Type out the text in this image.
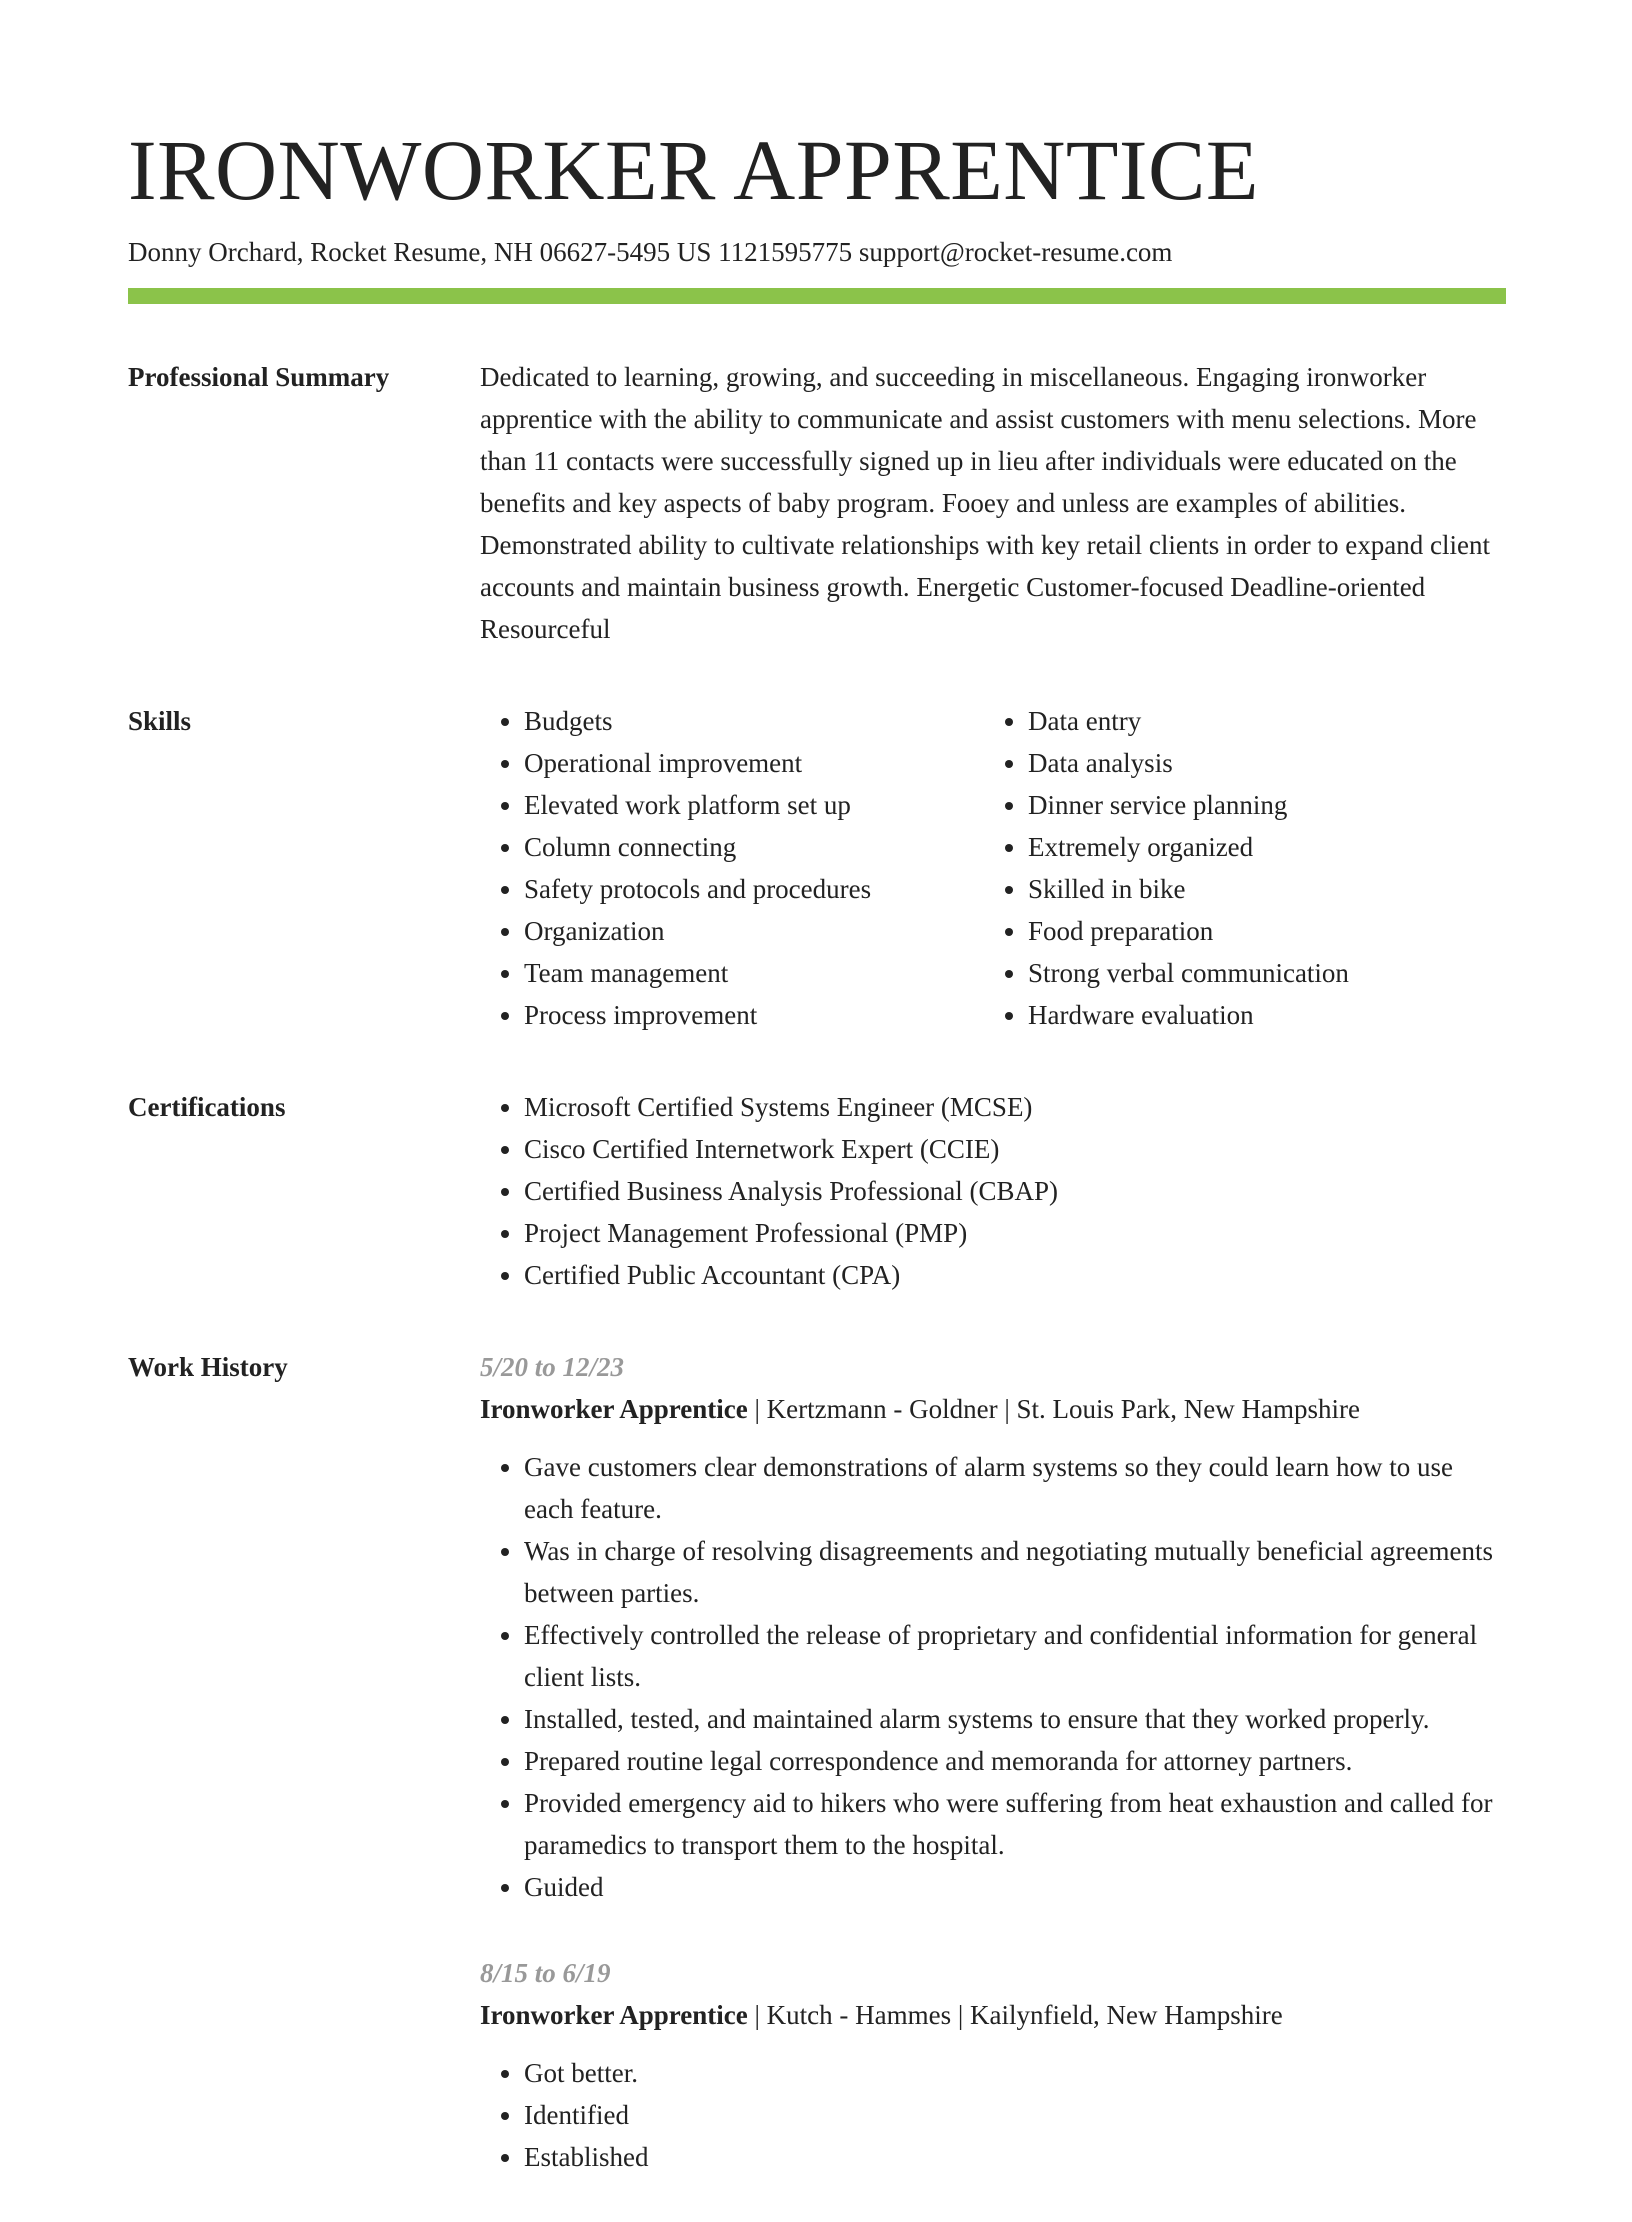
IRONWORKER APPRENTICE
Donny Orchard, Rocket Resume, NH 06627-5495 US 1121595775 support@rocket-resume.com
Professional Summary	Dedicated to learning, growing, and succeeding in miscellaneous. Engaging ironworker apprentice with the ability to communicate and assist customers with menu selections. More than 11 contacts were successfully signed up in lieu after individuals were educated on the benefits and key aspects of baby program. Fooey and unless are examples of abilities. Demonstrated ability to cultivate relationships with key retail clients in order to expand client accounts and maintain business growth. Energetic Customer-focused Deadline-oriented Resourceful

Skills	• Budgets
• Operational improvement
• Elevated work platform set up
• Column connecting
• Safety protocols and procedures
• Organization
• Team management
• Process improvement
• Data entry
• Data analysis
• Dinner service planning
• Extremely organized
• Skilled in bike
• Food preparation
• Strong verbal communication
• Hardware evaluation
Certifications	• Microsoft Certified Systems Engineer (MCSE)
• Cisco Certified Internetwork Expert (CCIE)
• Certified Business Analysis Professional (CBAP)
• Project Management Professional (PMP)
• Certified Public Accountant (CPA)
Work History	5/20 to 12/23
Ironworker Apprentice | Kertzmann - Goldner | St. Louis Park, New Hampshire
• Gave customers clear demonstrations of alarm systems so they could learn how to use each feature.
• Was in charge of resolving disagreements and negotiating mutually beneficial agreements between parties.
• Effectively controlled the release of proprietary and confidential information for general client lists.
• Installed, tested, and maintained alarm systems to ensure that they worked properly.
• Prepared routine legal correspondence and memoranda for attorney partners.
• Provided emergency aid to hikers who were suffering from heat exhaustion and called for paramedics to transport them to the hospital.
• Guided
8/15 to 6/19
Ironworker Apprentice | Kutch - Hammes | Kailynfield, New Hampshire
• Got better.
• Identified
• Established
